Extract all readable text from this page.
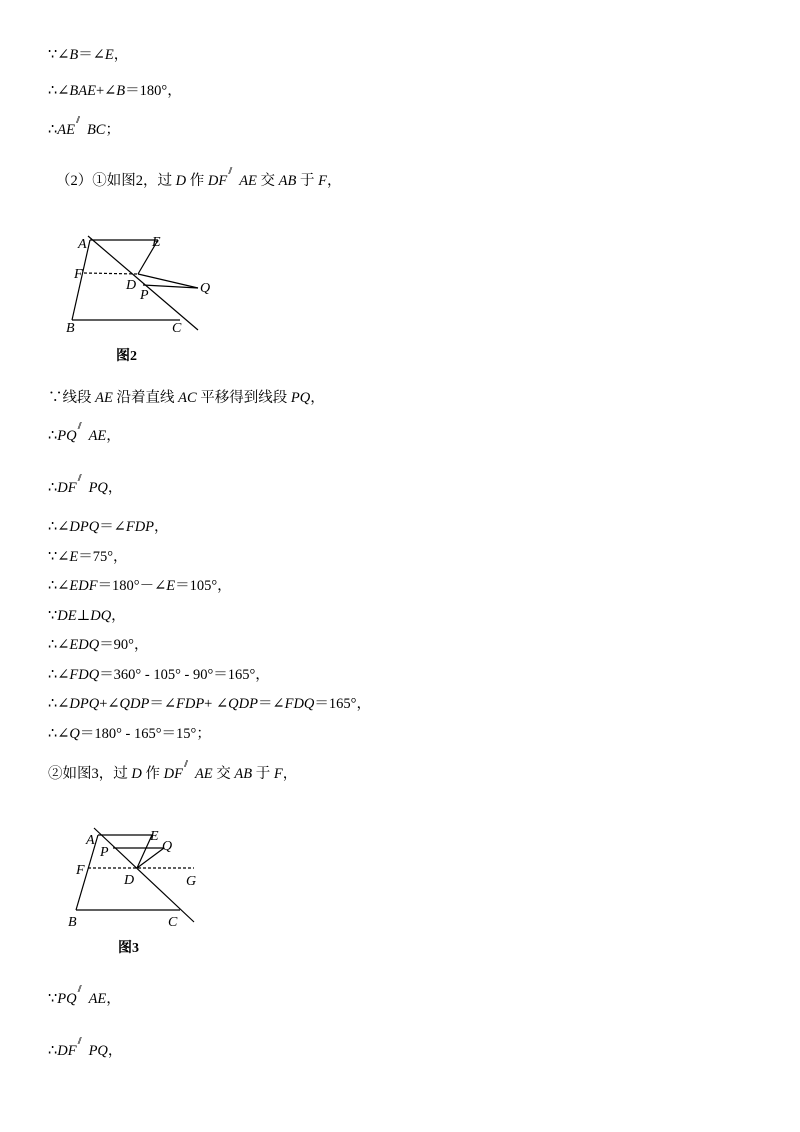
∵∠B＝∠E，
∴∠BAE+∠B＝180°，
∴AE // BC；
（2）①如图2，过 D 作 DF // AE 交 AB 于 F，
A	E
F
D
P	Q
B	C
图2
∵线段 AE 沿着直线 AC 平移得到线段 PQ，
∴PQ // AE，
∴DF // PQ，
∴∠DPQ＝∠FDP，
∵∠E＝75°，
∴∠EDF＝180°－∠E＝105°，
∵DE⊥DQ，
∴∠EDQ＝90°，
∴∠FDQ＝360° - 105° - 90°＝165°，
∴∠DPQ+∠QDP＝∠FDP+ ∠QDP＝∠FDQ＝165°，
∴∠Q＝180° - 165°＝15°；
②如图3，过 D 作 DF // AE 交 AB 于 F，
A	E
Q
P
F
D	G
B	C
图3
∵PQ // AE，
∴DF // PQ，
